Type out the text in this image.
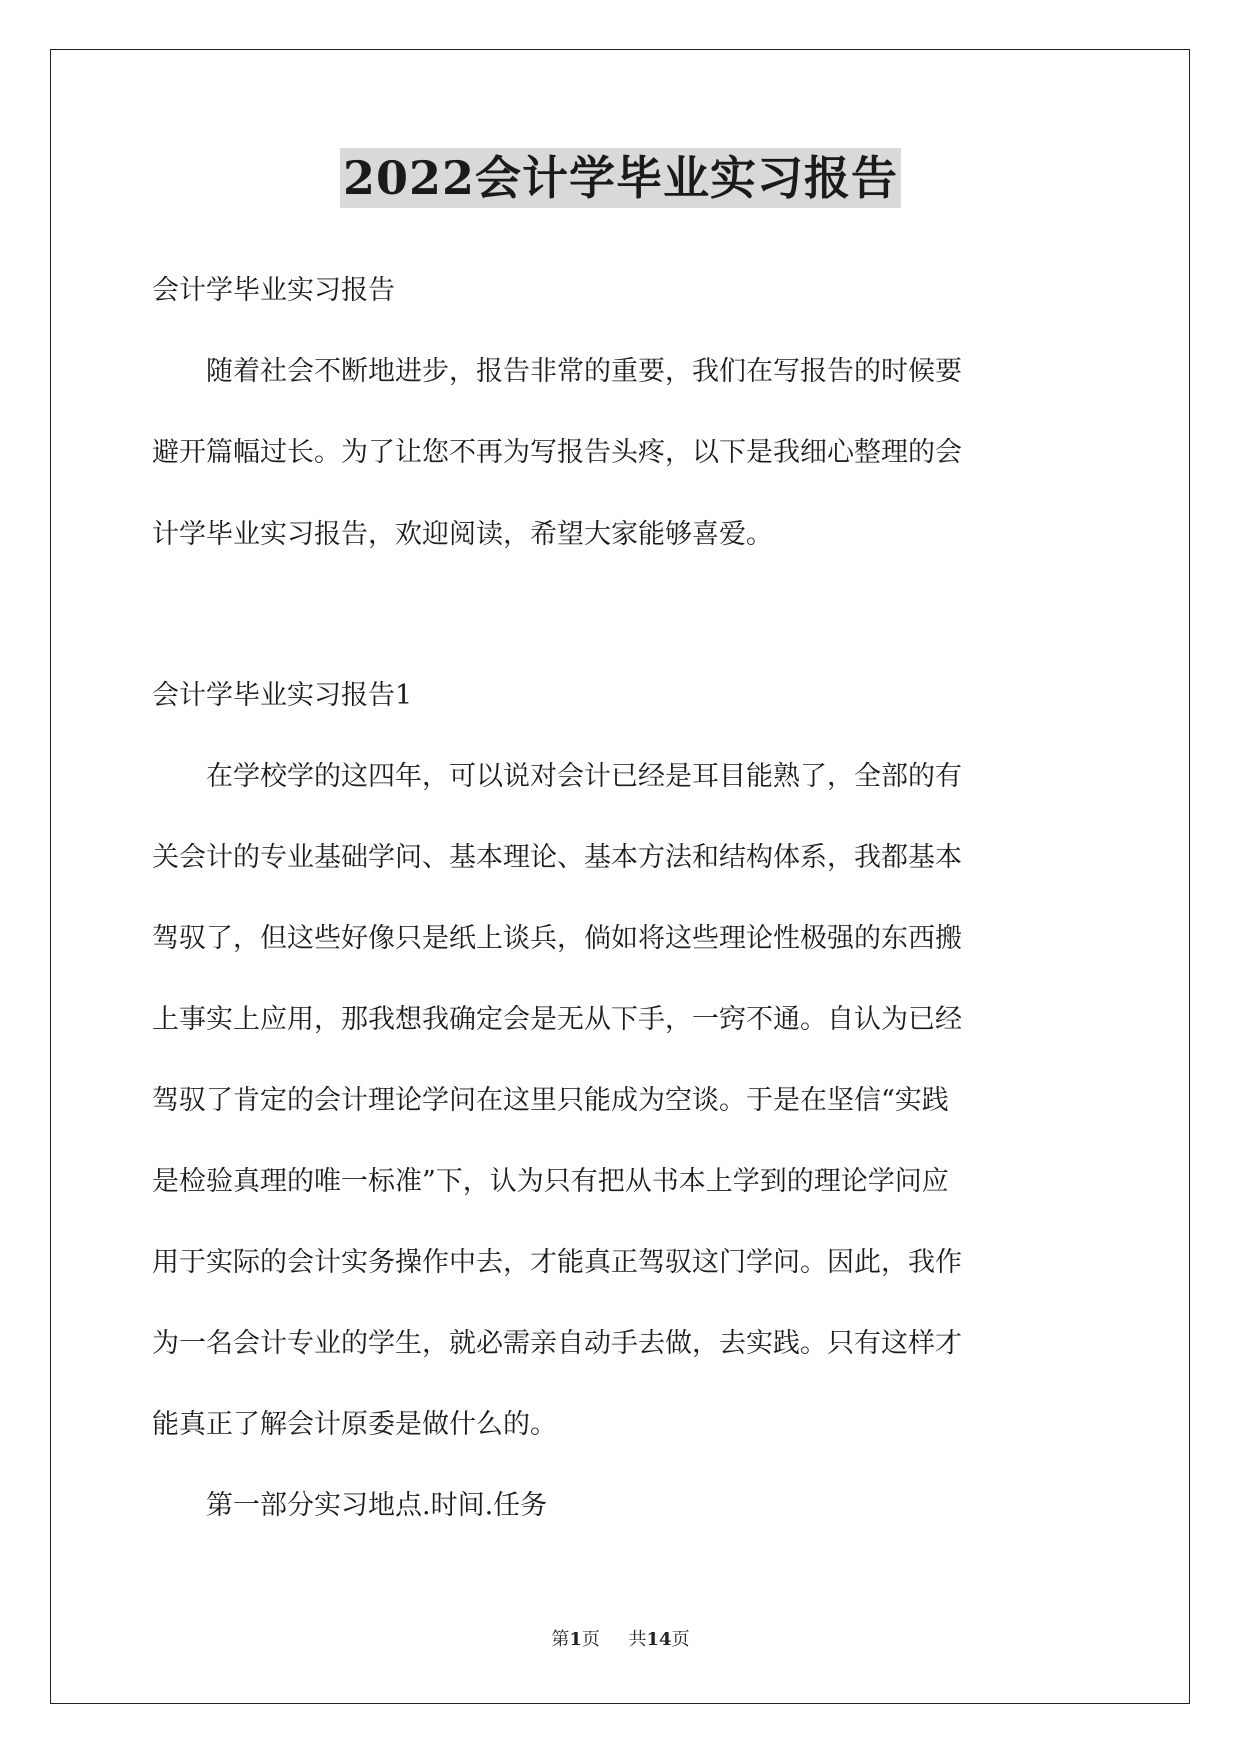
2022会计学毕业实习报告
会计学毕业实习报告
　　随着社会不断地进步，报告非常的重要，我们在写报告的时候要
避开篇幅过长。为了让您不再为写报告头疼，以下是我细心整理的会
计学毕业实习报告，欢迎阅读，希望大家能够喜爱。
会计学毕业实习报告1
　　在学校学的这四年，可以说对会计已经是耳目能熟了，全部的有
关会计的专业基础学问、基本理论、基本方法和结构体系，我都基本
驾驭了，但这些好像只是纸上谈兵，倘如将这些理论性极强的东西搬
上事实上应用，那我想我确定会是无从下手，一窍不通。自认为已经
驾驭了肯定的会计理论学问在这里只能成为空谈。于是在坚信“实践
是检验真理的唯一标准”下，认为只有把从书本上学到的理论学问应
用于实际的会计实务操作中去，才能真正驾驭这门学问。因此，我作
为一名会计专业的学生，就必需亲自动手去做，去实践。只有这样才
能真正了解会计原委是做什么的。
　　第一部分实习地点.时间.任务
第1页 共14页
